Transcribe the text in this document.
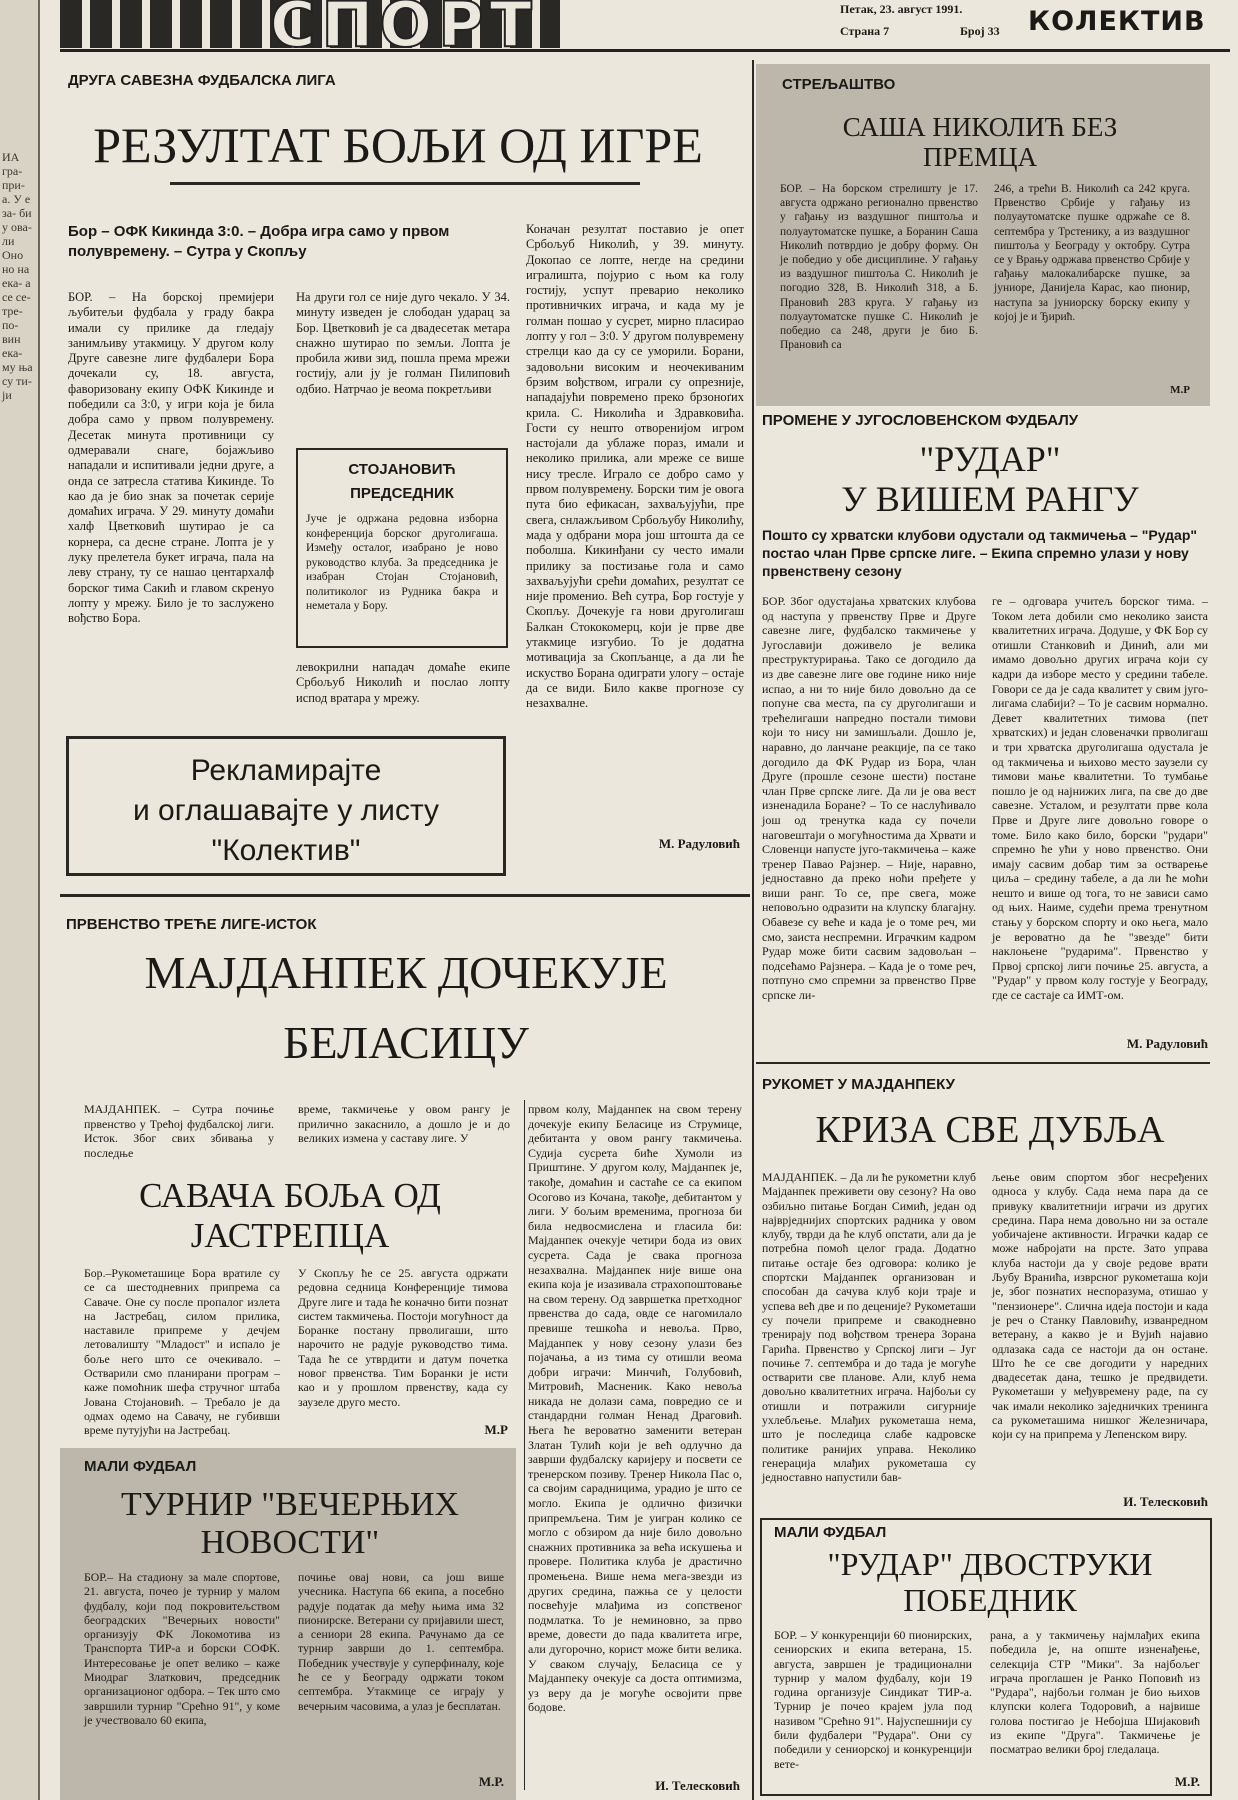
ИА гра- при- а. У е за- би у ова- ли Оно но на ека- а се се- тре- по- вин ека- му ња су ти- ји
СПОРТ	Петак, 23. август 1991.
Страна 7	Број 33 КОЛЕКТИВ
ДРУГА САВЕЗНА ФУДБАЛСКА ЛИГА
РЕЗУЛТАТ БОЉИ ОД ИГРЕ
Бор – ОФК Кикинда 3:0. – Добра игра само у првом полувремену. – Сутра у Скопљу
БОР. – На борској премијери љубитељи фудбала у граду бакра имали су прилике да гледају занимљиву утакмицу. У другом колу Друге савезне лиге фудбалери Бора дочекали су, 18. августа, фаворизовану екипу ОФК Кикинде и победили са 3:0, у игри која је била добра само у првом полувремену. Десетак минута противници су одмеравали снаге, бојажљиво нападали и испитивали једни друге, а онда се затресла статива Кикинде. То као да је био знак за почетак серије домаћих играча. У 29. минуту домаћи халф Цветковић шутирао је са корнера, са десне стране. Лопта је у луку прелетела букет играча, пала на леву страну, ту се нашао центархалф борског тима Сакић и главом скренуо лопту у мрежу. Било је то заслужено вођство Бора.
На други гол се није дуго чекало. У 34. минуту изведен је слободан ударац за Бор. Цветковић је са двадесетак метара снажно шутирао по земљи. Лопта је пробила живи зид, пошла према мрежи гостију, али ју је голман Пилиповић одбио. Натрчао је веома покретљиви
СТОЈАНОВИЋ ПРЕДСЕДНИК
Јуче је одржана редовна изборна конференција борског друголигаша. Између осталог, изабрано је ново руководство клуба. За председника је изабран Стојан Стојановић, политиколог из Рудника бакра и неметала у Бору.
левокрилни нападач домаће екипе Србољуб Николић и послао лопту испод вратара у мрежу.
Коначан резултат поставио је опет Србољуб Николић, у 39. минуту. Докопао се лопте, негде на средини игралишта, појурио с њом ка голу гостију, успут преварио неколико противничких играча, и када му је голман пошао у сусрет, мирно пласирао лопту у гол – 3:0. У другом полувремену стрелци као да су се уморили. Борани, задовољни високим и неочекиваним брзим вођством, играли су опрезније, нападајући повремено преко брзоноґих крила. С. Николића и Здравковића. Гости су нешто отворенијом игром настојали да ублаже пораз, имали и неколико прилика, али мреже се више нису тресле. Играло се добро само у првом полувремену. Борски тим је овога пута био ефикасан, захваљујући, пре свега, снлажљивом Србољубу Николићу, мада у одбрани мора још штошта да се поболша. Кикинђани су често имали прилику за постизање гола и само захваљујући срећи домаћих, резултат се није променио. Већ сутра, Бор гостује у Скопљу. Дочекује га нови друголигаш Балкан Стококомерц, који је прве две утакмице изгубио. То је додатна мотивација за Скопљанце, а да ли ће искуство Борана одиграти улогу – остаје да се види. Било какве прогнозе су незахвалне.
М. Радуловић
Рекламирајте
и оглашавајте у листу
"Колектив"
СТРЕЉАШТВО
САША НИКОЛИЋ БЕЗ ПРЕМЦА
БОР. – На борском стрелишту је 17. августа одржано регионално првенство у гађању из ваздушног пиштоља и полуаутоматске пушке, а Боранин Саша Николић потврдио је добру форму. Он је победио у обе дисциплине. У гађању из ваздушног пиштоља С. Николић је погодио 328, В. Николић 318, а Б. Прановић 283 круга. У гађању из полуаутоматске пушке С. Николић је победио са 248, други је био Б. Прановић са
246, а трећи В. Николић са 242 круга. Првенство Србије у гађању из полуаутоматске пушке одржаће се 8. септембра у Трстенику, а из ваздушног пиштоља у Београду у октобру. Сутра се у Врању одржава првенство Србије у гађању малокалибарске пушке, за јуниоре, Данијела Карас, као пионир, наступа за јуниорску борску екипу у којој је и Ђирић.
М.Р
ПРОМЕНЕ У ЈУГОСЛОВЕНСКОМ ФУДБАЛУ
"РУДАР"
У ВИШЕМ РАНГУ
Пошто су хрватски клубови одустали од такмичења – "Рудар" постао члан Прве српске лиге. – Екипа спремно улази у нову првенствену сезону
БОР. Због одустајања хрватских клубова од наступа у првенству Прве и Друге савезне лиге, фудбалско такмичење у Југославији доживело је велика преструктурирања. Тако се догодило да из две савезне лиге ове године нико није испао, а ни то није било довољно да се попуне сва места, па су друголигаши и трећелигаши напредно постали тимови који то нису ни замишљали. Дошло је, наравно, до ланчане реакције, па се тако догодило да ФК Рудар из Бора, члан Друге (прошле сезоне шести) постане члан Прве српске лиге. Да ли је ова вест изненадила Боране? – То се наслућивало још од тренутка када су почели наговештаји о могућностима да Хрвати и Словенци напусте југо-такмичења – каже тренер Павао Рајзнер. – Није, наравно, једноставно да преко ноћи пређете у виши ранг. То се, пре свега, може неповољно одразити на клупску благајну. Обавезе су веће и када је о томе реч, ми смо, заиста неспремни. Играчким кадром Рудар може бити сасвим задовољан – подсећамо Рајзнера. – Када је о томе реч, потпуно смо спремни за првенство Прве српске ли-
ге – одговара учитељ борског тима. – Током лета добили смо неколико заиста квалитетних играча. Додуше, у ФК Бор су отишли Станковић и Динић, али ми имамо довољно других играча који су кадри да изборе место у средини табеле. Говори се да је сада квалитет у свим југо-лигама слабији? – То је сасвим нормално. Девет квалитетних тимова (пет хрватских) и један словеначки прволигаш и три хрватска друголигаша одустала је од такмичења и њихово место заузели су тимови мање квалитетни. То тумбање пошло је од најнижих лига, па све до две савезне. Усталом, и резултати прве кола Прве и Друге лиге довољно говоре о томе. Било како било, борски "рудари" спремно ће ући у ново првенство. Они имају сасвим добар тим за остварење циља – средину табеле, а да ли ће моћи нешто и више од тога, то не зависи само од њих. Наиме, судећи према тренутном стању у борском спорту и око њега, мало је вероватно да ће "звезде" бити наклоњене "рударима". Првенство у Првој српској лиги почиње 25. августа, а "Рудар" у првом колу гостује у Београду, где се састаје са ИМТ-ом.
М. Радуловић
ПРВЕНСТВО ТРЕЋЕ ЛИГЕ-ИСТОК
МАЈДАНПЕК ДОЧЕКУЈЕ
БЕЛАСИЦУ
МАЈДАНПЕК. – Сутра почиње првенство у Трећој фудбалској лиги. Исток. Због свих збивања у последње
време, такмичење у овом рангу је прилично закаснило, а дошло је и до великих измена у саставу лиге. У
првом колу, Мајданпек на свом терену дочекује екипу Беласице из Струмице, дебитанта у овом рангу такмичења. Судија сусрета биће Хумоли из Приштине. У другом колу, Мајданпек је, такође, домаћин и састаће се са екипом Осогово из Кочана, такође, дебитантом у лиги. У бољим временима, прогноза би била недвосмислена и гласила би: Мајданпек очекује четири бода из ових сусрета. Сада је свака прогноза незахвална. Мајданпек није више она екипа која је изазивала страхопоштовање на свом терену. Од завршетка претходног првенства до сада, овде се нагомилало превише тешкоћа и невоља. Прво, Мајданпек у нову сезону улази без појачања, а из тима су отишли веома добри играчи: Минчић, Голубовић, Митровић, Масненик. Како невоља никада не долази сама, повредио се и стандардни голман Ненад Драговић. Њега ће вероватно заменити ветеран Златан Тулић који је већ одлучно да заврши фудбалску каријеру и посвети се тренерском позиву. Тренер Никола Пас о, са својим сарадницима, урадио је што се могло. Екипа је одлично физички припремљена. Тим је уигран колико се могло с обзиром да није било довољно снажних противника за већа искушења и провере. Политика клуба је драстично промењена. Више нема мега-звезди из других средина, пажња се у целости посвећује млађима из сопственог подмлатка. То је неминовно, за прво време, довести до пада квалитета игре, али дугорочно, корист може бити велика. У сваком случају, Беласица се у Мајданпеку очекује са доста оптимизма, уз веру да је могуће освојити прве бодове.
И. Телесковић
САВАЧА БОЉА ОД
ЈАСТРЕПЦА
Бор.–Рукометашице Бора вратиле су се са шестодневних припрема са Саваче. Оне су после пропалог излета на Јастребац, силом прилика, наставиле припреме у дечјем летовалишту "Младост" и испало је боље него што се очекивало. – Остварили смо планирани програм – каже помоћник шефа стручног штаба Јована Стојановић. – Требало је да одмах одемо на Савачу, не губивши време путујући на Јастребац.
У Скопљу ће се 25. августа одржати редовна седница Конференције тимова Друге лиге и тада ће коначно бити познат систем такмичења. Постоји могућност да Боранке постану прволигаши, што нарочито не радује руководство тима. Тада ће се утврдити и датум почетка новог првенства. Тим Боранки је исти као и у прошлом првенству, када су заузеле друго место.
М.Р
МАЛИ ФУДБАЛ
ТУРНИР "ВЕЧЕРЊИХ
НОВОСТИ"
БОР.– На стадиону за мале спортове, 21. августа, почео је турнир у малом фудбалу, који под покровитељством београдских "Вечерњих новости" организују ФК Локомотива из Транспорта ТИР-а и борски СОФК. Интересовање је опет велико – каже Миодраг Златкович, председник организационог одбора. – Тек што смо завршили турнир "Срећно 91", у коме је учествовало 60 екипа,
почиње овај нови, са још више учесника. Наступа 66 екипа, а посебно радује податак да међу њима има 32 пионирске. Ветерани су пријавили шест, а сениори 28 екипа. Рачунамо да се турнир заврши до 1. септембра. Победник учествује у суперфиналу, које ће се у Београду одржати током септембра. Утакмице се играју у вечерњим часовима, а улаз је бесплатан.
М.Р.
РУКОМЕТ У МАЈДАНПЕКУ
КРИЗА СВЕ ДУБЉА
МАЈДАНПЕК. – Да ли ће рукометни клуб Мајданпек преживети ову сезону? На ово озбиљно питање Богдан Симић, један од најврједнијих спортских радника у овом клубу, тврди да ће клуб опстати, али да је потребна помоћ целог града. Додатно питање остаје без одговора: колико је спортски Мајданпек организован и способан да сачува клуб који траје и успева већ две и по деценије? Рукометаши су почели припреме и свакодневно тренирају под вођством тренера Зорана Гарића. Првенство у Српској лиги – Југ почиње 7. септембра и до тада је могуће остварити све планове. Али, клуб нема довољно квалитетних играча. Најбољи су отишли и потражили сигурније ухлебљење. Млађих рукометаша нема, што је последица слабе кадровске политике ранијих управа. Неколико генерација млађих рукометаша су једноставно напустили бав-
љење овим спортом због несређених односа у клубу. Сада нема пара да се привуку квалитетнији играчи из других средина. Пара нема довољно ни за остале уобичајене активности. Играчки кадар се може набројати на прсте. Зато управа клуба настоји да у своје редове врати Љубу Вранића, изврсног рукометаша који је, због познатих неспоразума, отишао у "пензионере". Слична идеја постоји и када је реч о Станку Павловићу, изванредном ветерану, а какво је и Вујић најавио одлазака сада се настоји да он остане. Што ће се све догодити у наредних двадесетак дана, тешко је предвидети. Рукометаши у међувремену раде, па су чак имали неколико заједничких тренинга са рукометашима нишког Железничара, који су на припрема у Лепенском виру.
И. Телесковић
МАЛИ ФУДБАЛ
"РУДАР" ДВОСТРУКИ
ПОБЕДНИК
БОР. – У конкуренцији 60 пионирских, сениорских и екипа ветерана, 15. августа, завршен је традиционални турнир у малом фудбалу, који 19 година организује Синдикат ТИР-а. Турнир је почео крајем јула под називом "Срећно 91". Најуспешнији су били фудбалери "Рудара". Они су победили у сениорској и конкуренцији вете-
рана, а у такмичењу најмлађих екипа победила је, на општe изненађење, селекција СТР "Мики". За најбољег играча проглашен је Ранко Поповић из "Рудара", најбољи голман је био њихов клупски колега Тодоровић, а највише голова постигао је Небојша Шијаковић из екипе "Друга". Такмичење је посматрао велики број гледалаца.
М.Р.
